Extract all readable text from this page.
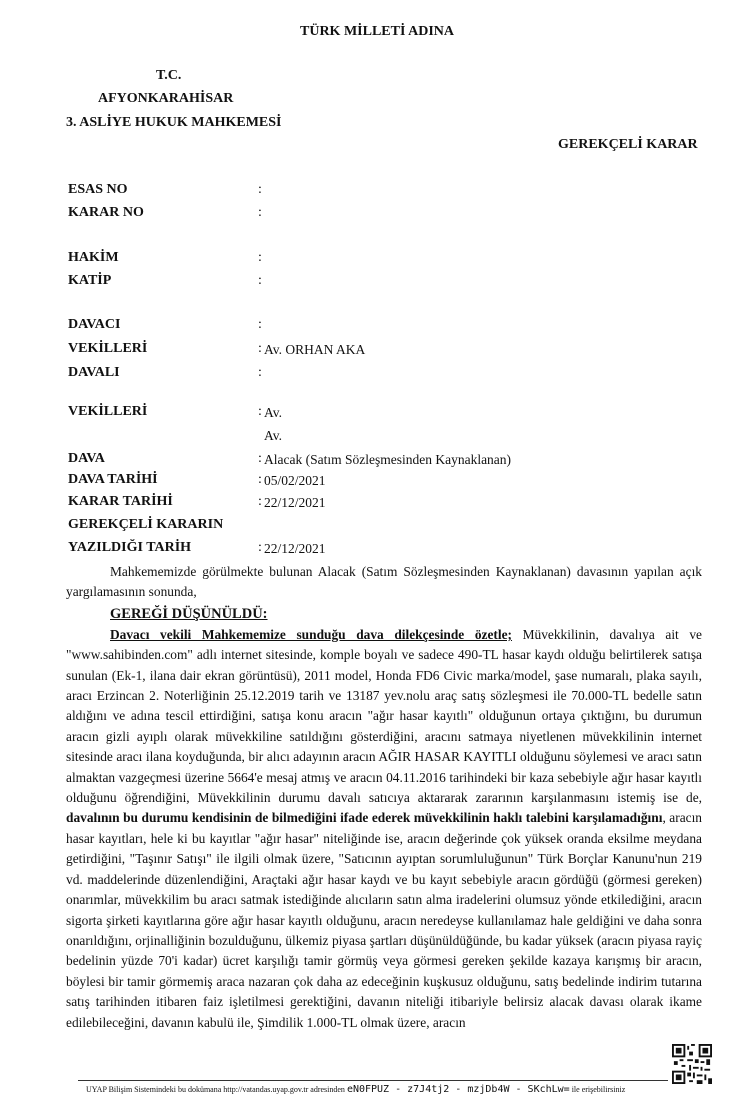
TÜRK MİLLETİ ADINA
T.C.
AFYONKARAHİSAR
3. ASLİYE HUKUK MAHKEMESİ
GEREKÇELİ KARAR
ESAS NO	:
KARAR NO	:
HAKİM	:
KATİP	:
DAVACI	:
VEKİLLERİ	: Av. ORHAN AKA
DAVALI	:
VEKİLLERİ	: Av.
Av.
DAVA	: Alacak (Satım Sözleşmesinden Kaynaklanan)
DAVA TARİHİ	: 05/02/2021
KARAR TARİHİ	: 22/12/2021
GEREKÇELİ KARARIN
YAZILDIĞI TARİH	: 22/12/2021

Mahkememizde görülmekte bulunan Alacak (Satım Sözleşmesinden Kaynaklanan) davasının yapılan açık yargılamasının sonunda,

GEREĞİ DÜŞÜNÜLDÜ:

Davacı vekili Mahkememize sunduğu dava dilekçesinde özetle; Müvekkilinin, davalıya ait ve "www.sahibinden.com" adlı internet sitesinde, komple boyalı ve sadece 490-TL hasar kaydı olduğu belirtilerek satışa sunulan (Ek-1, ilana dair ekran görüntüsü), 2011 model, Honda FD6 Civic marka/model, şase numaralı, plaka sayılı, aracı Erzincan 2. Noterliğinin 25.12.2019 tarih ve 13187 yev.nolu araç satış sözleşmesi ile 70.000-TL bedelle satın aldığını ve adına tescil ettirdiğini, satışa konu aracın "ağır hasar kayıtlı" olduğunun ortaya çıktığını, bu durumun aracın gizli ayıplı olarak müvekkiline satıldığını gösterdiğini, aracını satmaya niyetlenen müvekkilinin internet sitesinde aracı ilana koyduğunda, bir alıcı adayının aracın AĞIR HASAR KAYITLI olduğunu söylemesi ve aracı satın almaktan vazgeçmesi üzerine 5664'e mesaj atmış ve aracın 04.11.2016 tarihindeki bir kaza sebebiyle ağır hasar kayıtlı olduğunu öğrendiğini, Müvekkilinin durumu davalı satıcıya aktararak zararının karşılanmasını istemiş ise de, davalının bu durumu kendisinin de bilmediğini ifade ederek müvekkilinin haklı talebini karşılamadığını, aracın hasar kayıtları, hele ki bu kayıtlar "ağır hasar" niteliğinde ise, aracın değerinde çok yüksek oranda eksilme meydana getirdiğini, "Taşınır Satışı" ile ilgili olmak üzere, "Satıcının ayıptan sorumluluğunun" Türk Borçlar Kanunu'nun 219 vd. maddelerinde düzenlendiğini, Araçtaki ağır hasar kaydı ve bu kayıt sebebiyle aracın gördüğü (görmesi gereken) onarımlar, müvekkilim bu aracı satmak istediğinde alıcıların satın alma iradelerini olumsuz yönde etkilediğini, aracın sigorta şirketi kayıtlarına göre ağır hasar kayıtlı olduğunu, aracın neredeyse kullanılamaz hale geldiğini ve daha sonra onarıldığını, orjinalliğinin bozulduğunu, ülkemiz piyasa şartları düşünüldüğünde, bu kadar yüksek (aracın piyasa rayiç bedelinin yüzde 70'i kadar) ücret karşılığı tamir görmüş veya görmesi gereken şekilde kazaya karışmış bir aracın, böylesi bir tamir görmemiş araca nazaran çok daha az edeceğinin kuşkusuz olduğunu, satış bedelinde indirim tutarına satış tarihinden itibaren faiz işletilmesi gerektiğini, davanın niteliği itibariyle belirsiz alacak davası olarak ikame edilebileceğini, davanın kabulü ile, Şimdilik 1.000-TL olmak üzere, aracın

UYAP Bilişim Sistemindeki bu dokümana http://vatandas.uyap.gov.tr adresinden eN0FPUZ - z7J4tj2 - mzjDb4W - SKchLw= ile erişebilirsiniz
